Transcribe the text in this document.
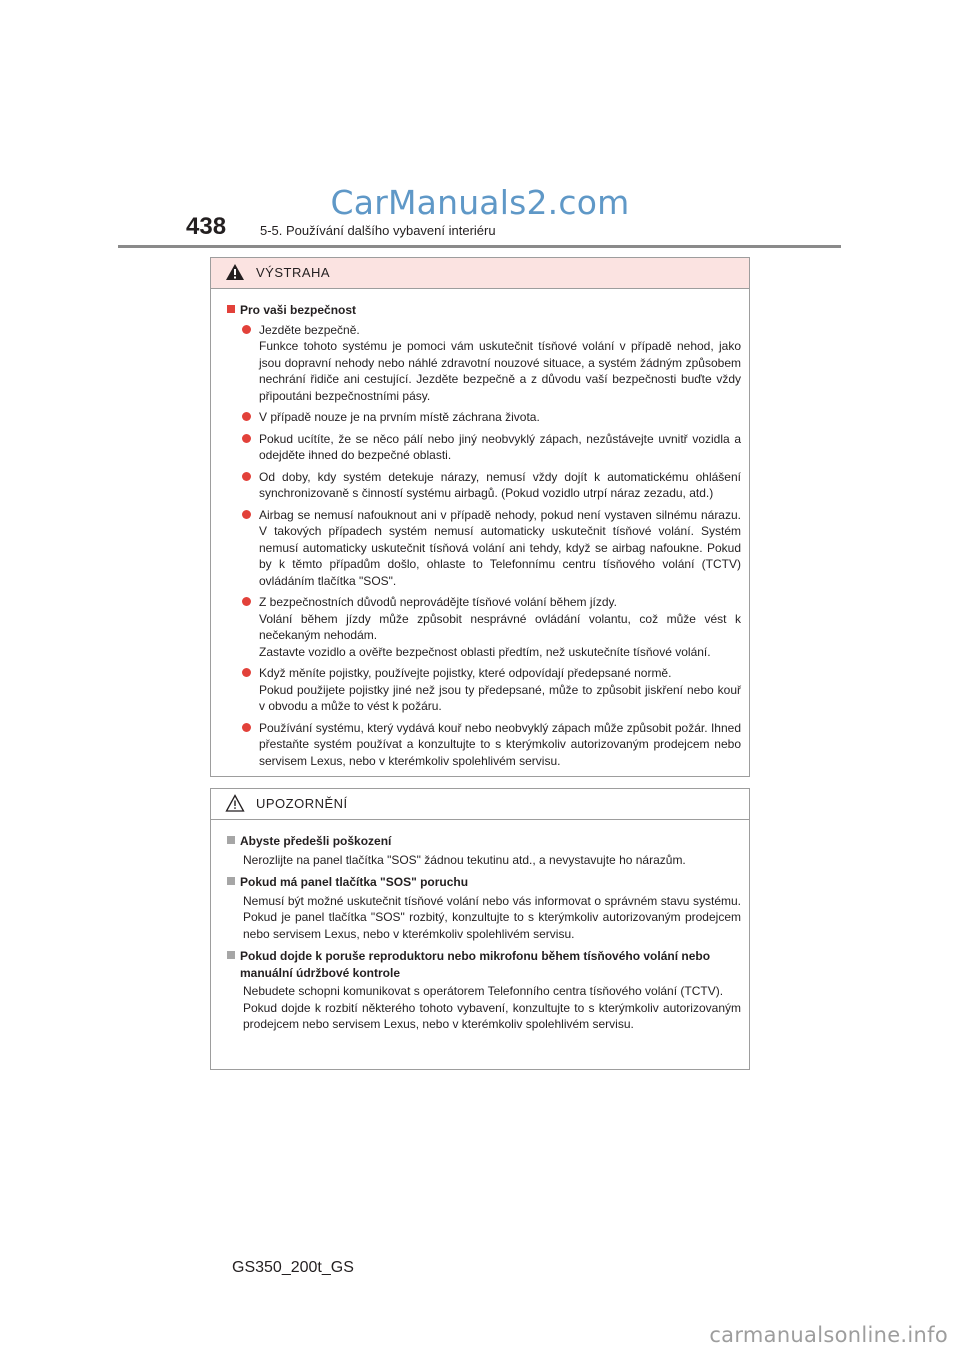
CarManuals2.com
438	5-5. Používání dalšího vybavení interiéru
VÝSTRAHA
Pro vaši bezpečnost
Jezděte bezpečně.
Funkce tohoto systému je pomoci vám uskutečnit tísňové volání v případě nehod, jako jsou dopravní nehody nebo náhlé zdravotní nouzové situace, a systém žádným způsobem nechrání řidiče ani cestující. Jezděte bezpečně a z důvodu vaší bezpečnosti buďte vždy připoutáni bezpečnostními pásy.
V případě nouze je na prvním místě záchrana života.
Pokud ucítíte, že se něco pálí nebo jiný neobvyklý zápach, nezůstávejte uvnitř vozidla a odejděte ihned do bezpečné oblasti.
Od doby, kdy systém detekuje nárazy, nemusí vždy dojít k automatickému ohlášení synchronizovaně s činností systému airbagů. (Pokud vozidlo utrpí náraz zezadu, atd.)
Airbag se nemusí nafouknout ani v případě nehody, pokud není vystaven silnému nárazu. V takových případech systém nemusí automaticky uskutečnit tísňové volání. Systém nemusí automaticky uskutečnit tísňová volání ani tehdy, když se airbag nafoukne. Pokud by k těmto případům došlo, ohlaste to Telefonnímu centru tísňového volání (TCTV) ovládáním tlačítka "SOS".
Z bezpečnostních důvodů neprovádějte tísňové volání během jízdy.
Volání během jízdy může způsobit nesprávné ovládání volantu, což může vést k nečekaným nehodám.
Zastavte vozidlo a ověřte bezpečnost oblasti předtím, než uskutečníte tísňové volání.
Když měníte pojistky, používejte pojistky, které odpovídají předepsané normě.
Pokud použijete pojistky jiné než jsou ty předepsané, může to způsobit jiskření nebo kouř v obvodu a může to vést k požáru.
Používání systému, který vydává kouř nebo neobvyklý zápach může způsobit požár. Ihned přestaňte systém používat a konzultujte to s kterýmkoliv autorizovaným prodejcem nebo servisem Lexus, nebo v kterémkoliv spolehlivém servisu.
UPOZORNĚNÍ
Abyste předešli poškození
Nerozlijte na panel tlačítka "SOS" žádnou tekutinu atd., a nevystavujte ho nárazům.
Pokud má panel tlačítka "SOS" poruchu
Nemusí být možné uskutečnit tísňové volání nebo vás informovat o správném stavu systému. Pokud je panel tlačítka "SOS" rozbitý, konzultujte to s kterýmkoliv autorizovaným prodejcem nebo servisem Lexus, nebo v kterémkoliv spolehlivém servisu.
Pokud dojde k poruše reproduktoru nebo mikrofonu během tísňového volání nebo manuální údržbové kontrole
Nebudete schopni komunikovat s operátorem Telefonního centra tísňového volání (TCTV).
Pokud dojde k rozbití některého tohoto vybavení, konzultujte to s kterýmkoliv autorizovaným prodejcem nebo servisem Lexus, nebo v kterémkoliv spolehlivém servisu.
GS350_200t_GS
carmanualsonline.info
